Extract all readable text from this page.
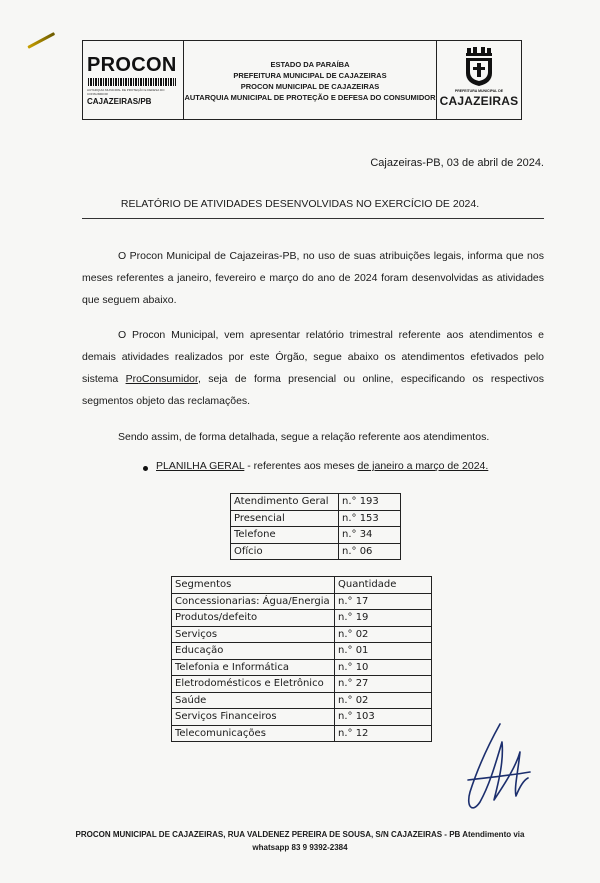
PROCON
AUTARQUIA MUNICIPAL DE PROTEÇÃO E DEFESA DO CONSUMIDOR
CAJAZEIRAS/PB
ESTADO DA PARAÍBA
PREFEITURA MUNICIPAL DE CAJAZEIRAS
PROCON MUNICIPAL DE CAJAZEIRAS
AUTARQUIA MUNICIPAL DE PROTEÇÃO E DEFESA DO CONSUMIDOR
PREFEITURA MUNICIPAL DE
CAJAZEIRAS
Cajazeiras-PB, 03 de abril de 2024.
RELATÓRIO DE ATIVIDADES DESENVOLVIDAS NO EXERCÍCIO DE 2024.
O Procon Municipal de Cajazeiras-PB, no uso de suas atribuições legais, informa que nos meses referentes a janeiro, fevereiro e março do ano de 2024 foram desenvolvidas as atividades que seguem abaixo.
O Procon Municipal, vem apresentar relatório trimestral referente aos atendimentos e demais atividades realizados por este Órgão, segue abaixo os atendimentos efetivados pelo sistema ProConsumidor, seja de forma presencial ou online, especificando os respectivos segmentos objeto das reclamações.
Sendo assim, de forma detalhada, segue a relação referente aos atendimentos.
PLANILHA GERAL - referentes aos meses de janeiro a março de 2024.
Atendimento Geral	n.° 193
Presencial	n.° 153
Telefone	n.° 34
Ofício	n.° 06
Segmentos	Quantidade
Concessionarias: Água/Energia	n.° 17
Produtos/defeito	n.° 19
Serviços	n.° 02
Educação	n.° 01
Telefonia e Informática	n.° 10
Eletrodomésticos e Eletrônico	n.° 27
Saúde	n.° 02
Serviços Financeiros	n.° 103
Telecomunicações	n.° 12
PROCON MUNICIPAL DE CAJAZEIRAS, RUA VALDENEZ PEREIRA DE SOUSA, S/N CAJAZEIRAS - PB Atendimento via
whatsapp 83 9 9392-2384
